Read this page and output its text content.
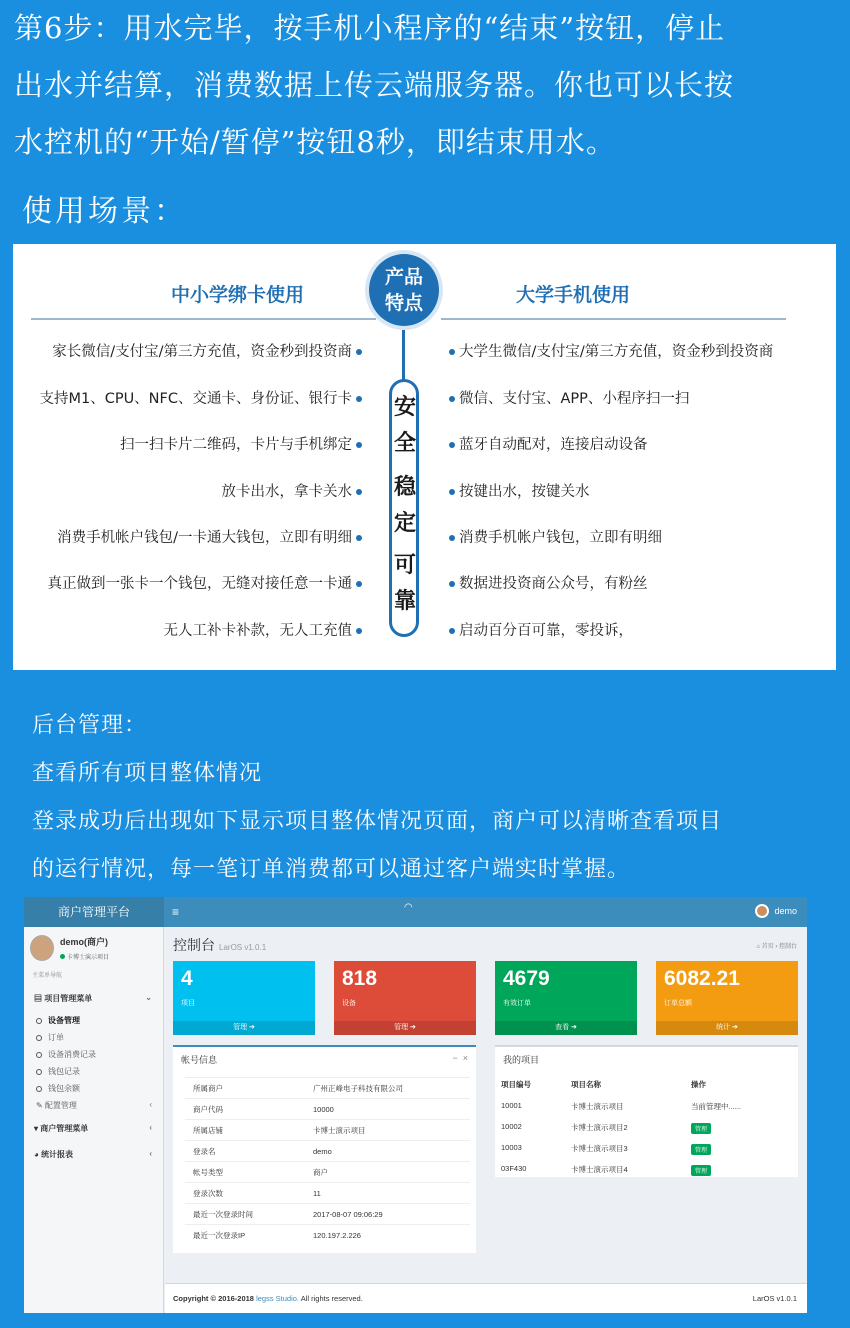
第6步：用水完毕，按手机小程序的“结束”按钮，停止
出水并结算，消费数据上传云端服务器。你也可以长按
水控机的“开始/暂停”按钮8秒，即结束用水。
使用场景：
中小学绑卡使用	大学手机使用
产品
特点
安
全
稳
定
可
靠
家长微信/支付宝/第三方充值，资金秒到投资商
支持M1、CPU、NFC、交通卡、身份证、银行卡
扫一扫卡片二维码，卡片与手机绑定
放卡出水，拿卡关水
消费手机帐户钱包/一卡通大钱包，立即有明细
真正做到一张卡一个钱包，无缝对接任意一卡通
无人工补卡补款，无人工充值
大学生微信/支付宝/第三方充值，资金秒到投资商
微信、支付宝、APP、小程序扫一扫
蓝牙自动配对，连接启动设备
按键出水，按键关水
消费手机帐户钱包，立即有明细
数据进投资商公众号，有粉丝
启动百分百可靠，零投诉，
后台管理：
查看所有项目整体情况
登录成功后出现如下显示项目整体情况页面，商户可以清晰查看项目
的运行情况，每一笔订单消费都可以通过客户端实时掌握。
商户管理平台	≡	◠	demo
demo(商户)
卡博士演示项目
主菜单导航
▤ 项目管理菜单	⌄
设备管理
订单
设备消费记录
钱包记录
钱包余额
✎ 配置管理	‹
▾ 商户管理菜单	‹
◕ 统计报表	‹
控制台 LarOS v1.0.1	⌂ 首页 › 控制台
4
项目
管理 ➔
818
设备
管理 ➔
4679
有效订单
查看 ➔
6082.21
订单总额
统计 ➔
帐号信息	− ×
所属商户	广州正峰电子科技有限公司
商户代码	10000
所属店铺	卡博士演示项目
登录名	demo
帐号类型	商户
登录次数	11
最近一次登录时间	2017-08-07 09:06:29
最近一次登录IP	120.197.2.226
我的项目
项目编号	项目名称	操作
10001	卡博士演示项目	当前管理中......
10002	卡博士演示项目2	管理
10003	卡博士演示项目3	管理
03F430	卡博士演示项目4	管理
Copyright © 2016-2018 legss Studio. All rights reserved.	LarOS v1.0.1
